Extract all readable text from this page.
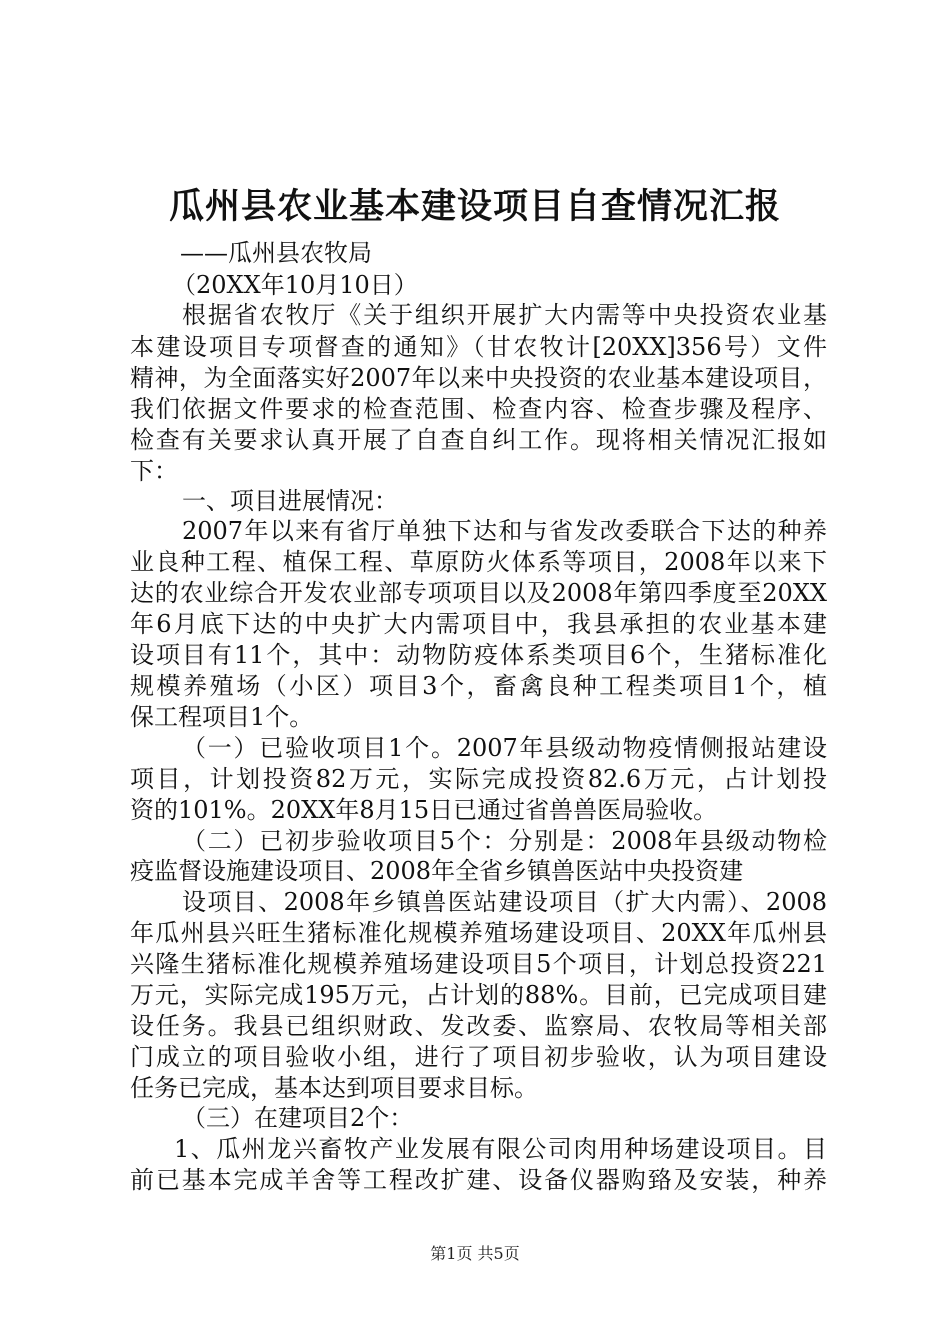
瓜州县农业基本建设项目自查情况汇报
——瓜州县农牧局
（20XX年10月10日）
根据省农牧厅《关于组织开展扩大内需等中央投资农业基
本建设项目专项督查的通知》（甘农牧计[20XX]356号）文件
精神，为全面落实好2007年以来中央投资的农业基本建设项目，
我们依据文件要求的检查范围、检查内容、检查步骤及程序、
检查有关要求认真开展了自查自纠工作。现将相关情况汇报如
下：
一、项目进展情况：
2007年以来有省厅单独下达和与省发改委联合下达的种养
业良种工程、植保工程、草原防火体系等项目，2008年以来下
达的农业综合开发农业部专项项目以及2008年第四季度至20XX
年6月底下达的中央扩大内需项目中，我县承担的农业基本建
设项目有11个，其中：动物防疫体系类项目6个，生猪标准化
规模养殖场（小区）项目3个，畜禽良种工程类项目1个，植
保工程项目1个。
（一）已验收项目1个。2007年县级动物疫情侧报站建设
项目，计划投资82万元，实际完成投资82.6万元，占计划投
资的101%。20XX年8月15日已通过省兽兽医局验收。
（二）已初步验收项目5个：分别是：2008年县级动物检
疫监督设施建设项目、2008年全省乡镇兽医站中央投资建
设项目、2008年乡镇兽医站建设项目（扩大内需）、2008
年瓜州县兴旺生猪标准化规模养殖场建设项目、20XX年瓜州县
兴隆生猪标准化规模养殖场建设项目5个项目，计划总投资221
万元，实际完成195万元，占计划的88%。目前，已完成项目建
设任务。我县已组织财政、发改委、监察局、农牧局等相关部
门成立的项目验收小组，进行了项目初步验收，认为项目建设
任务已完成，基本达到项目要求目标。
（三）在建项目2个：
1、瓜州龙兴畜牧产业发展有限公司肉用种场建设项目。目
前已基本完成羊舍等工程改扩建、设备仪器购臵及安装，种养
第1页 共5页
